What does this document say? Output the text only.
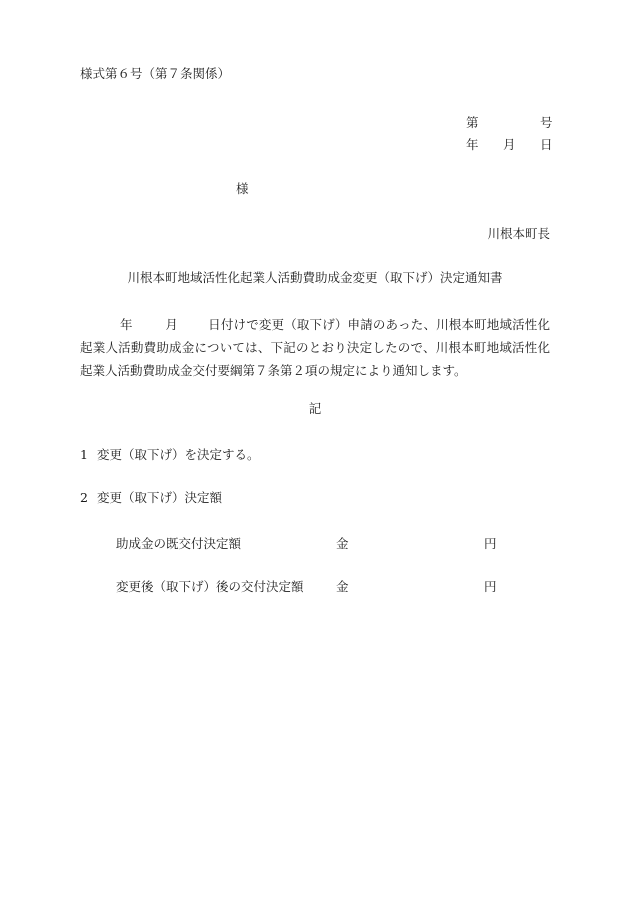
様式第６号（第７条関係）
第	号
年 月 日
様
川根本町長
川根本町地域活性化起業人活動費助成金変更（取下げ）決定通知書
年	月 日付けで変更（取下げ）申請のあった、川根本町地域活性化起業人活動費助成金については、下記のとおり決定したので、川根本町地域活性化起業人活動費助成金交付要綱第７条第２項の規定により通知します。
記
1 変更（取下げ）を決定する。
2 変更（取下げ）決定額
助成金の既交付決定額	金	円
変更後（取下げ）後の交付決定額	金	円
